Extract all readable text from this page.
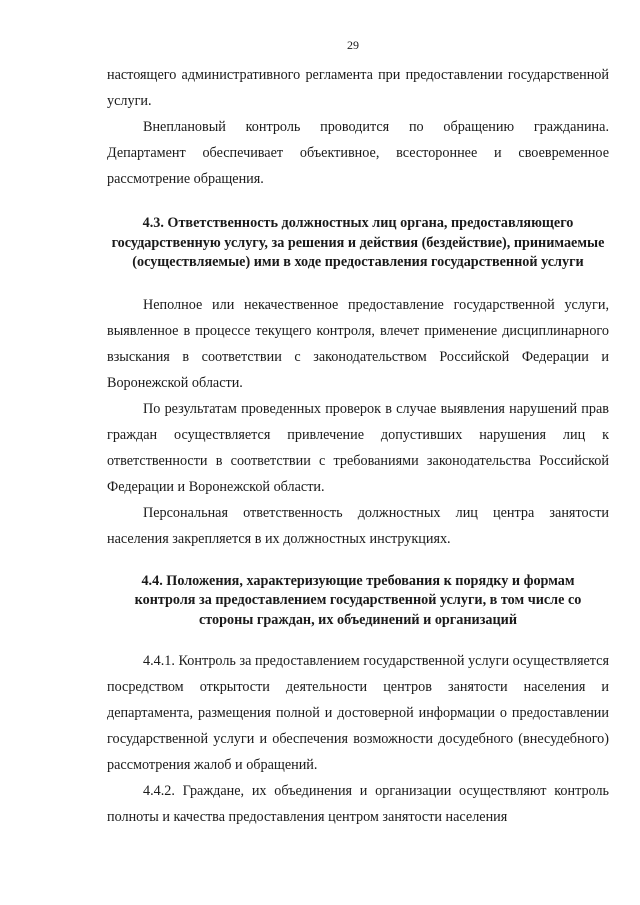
29

настоящего административного регламента при предоставлении государственной услуги.

Внеплановый контроль проводится по обращению гражданина. Департамент обеспечивает объективное, всестороннее и своевременное рассмотрение обращения.

4.3. Ответственность должностных лиц органа, предоставляющего государственную услугу, за решения и действия (бездействие), принимаемые (осуществляемые) ими в ходе предоставления государственной услуги

Неполное или некачественное предоставление государственной услуги, выявленное в процессе текущего контроля, влечет применение дисциплинарного взыскания в соответствии с законодательством Российской Федерации и Воронежской области.

По результатам проведенных проверок в случае выявления нарушений прав граждан осуществляется привлечение допустивших нарушения лиц к ответственности в соответствии с требованиями законодательства Российской Федерации и Воронежской области.

Персональная ответственность должностных лиц центра занятости населения закрепляется в их должностных инструкциях.

4.4. Положения, характеризующие требования к порядку и формам контроля за предоставлением государственной услуги, в том числе со стороны граждан, их объединений и организаций

4.4.1. Контроль за предоставлением государственной услуги осуществляется посредством открытости деятельности центров занятости населения и департамента, размещения полной и достоверной информации о предоставлении государственной услуги и обеспечения возможности досудебного (внесудебного) рассмотрения жалоб и обращений.

4.4.2. Граждане, их объединения и организации осуществляют контроль полноты и качества предоставления центром занятости населения
